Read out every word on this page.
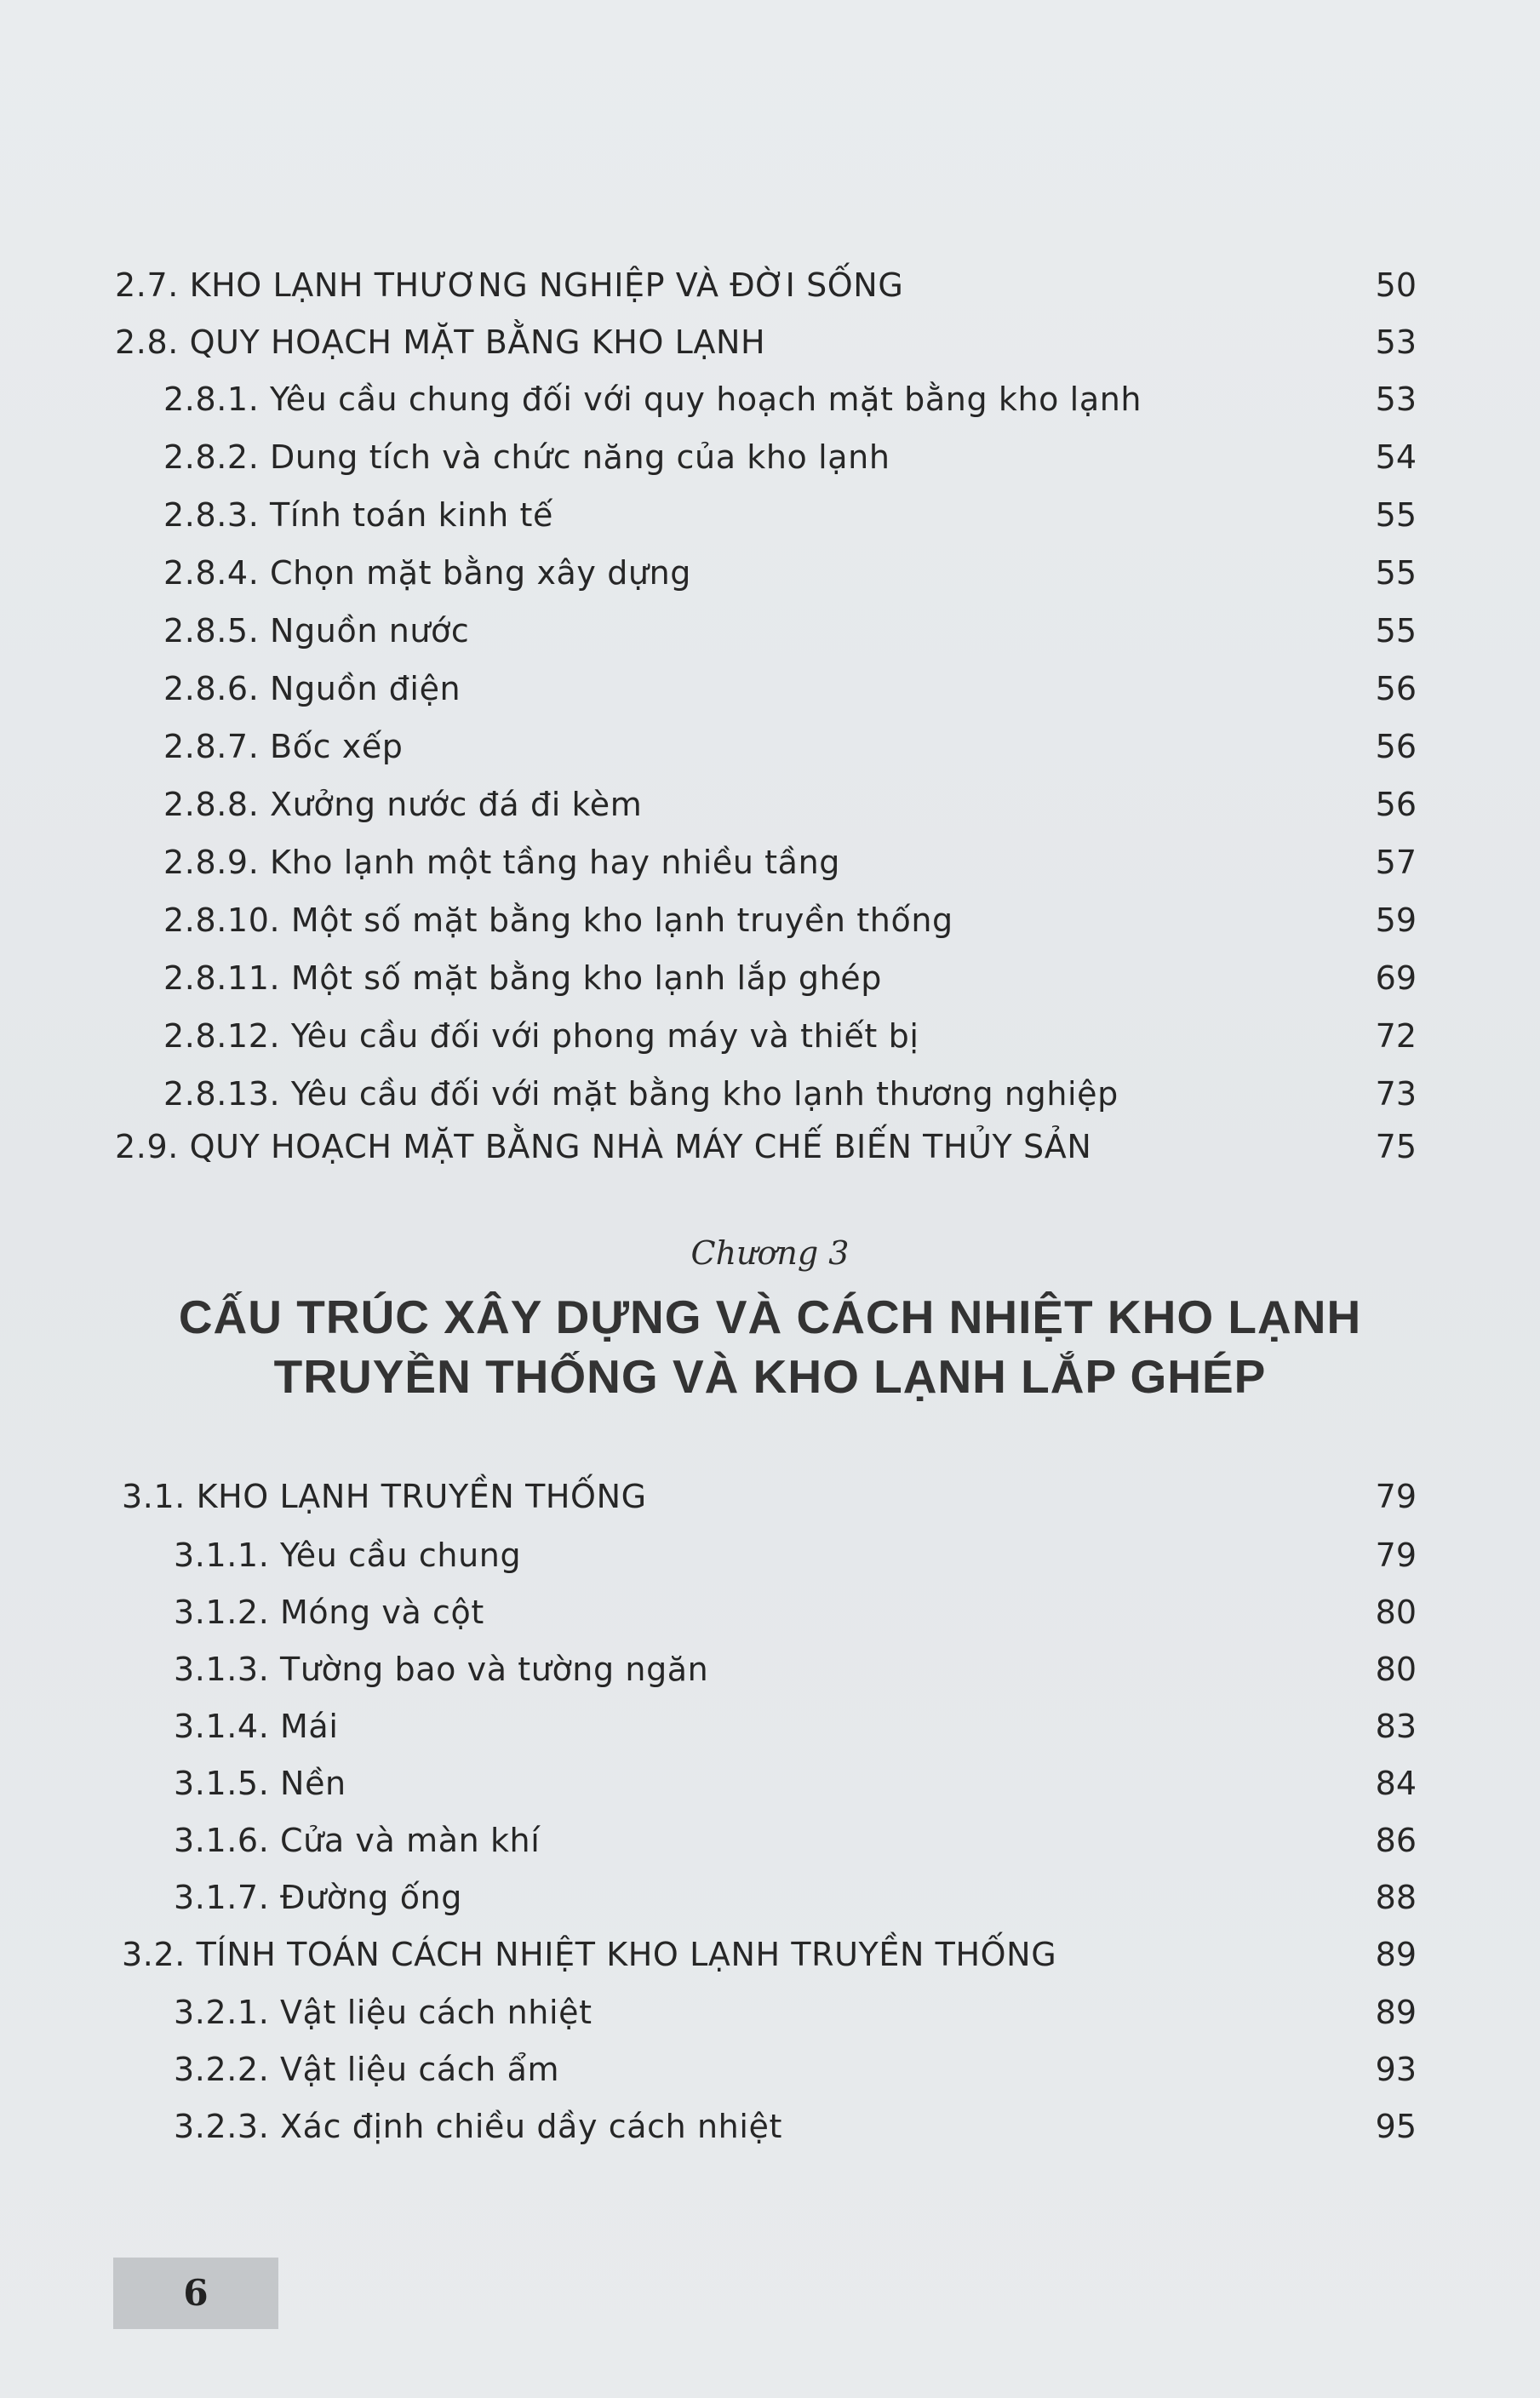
2.7. KHO LẠNH THƯƠNG NGHIỆP VÀ ĐỜI SỐNG	50
2.8. QUY HOẠCH MẶT BẰNG KHO LẠNH	53
2.8.1. Yêu cầu chung đối với quy hoạch mặt bằng kho lạnh	53
2.8.2. Dung tích và chức năng của kho lạnh	54
2.8.3. Tính toán kinh tế	55
2.8.4. Chọn mặt bằng xây dựng	55
2.8.5. Nguồn nước	55
2.8.6. Nguồn điện	56
2.8.7. Bốc xếp	56
2.8.8. Xưởng nước đá đi kèm	56
2.8.9. Kho lạnh một tầng hay nhiều tầng	57
2.8.10. Một số mặt bằng kho lạnh truyền thống	59
2.8.11. Một số mặt bằng kho lạnh lắp ghép	69
2.8.12. Yêu cầu đối với phong máy và thiết bị	72
2.8.13. Yêu cầu đối với mặt bằng kho lạnh thương nghiệp	73
2.9. QUY HOẠCH MẶT BẰNG NHÀ MÁY CHẾ BIẾN THỦY SẢN	75
Chương 3
CẤU TRÚC XÂY DỰNG VÀ CÁCH NHIỆT KHO LẠNH
TRUYỀN THỐNG VÀ KHO LẠNH LẮP GHÉP
3.1. KHO LẠNH TRUYỀN THỐNG	79
3.1.1. Yêu cầu chung	79
3.1.2. Móng và cột	80
3.1.3. Tường bao và tường ngăn	80
3.1.4. Mái	83
3.1.5. Nền	84
3.1.6. Cửa và màn khí	86
3.1.7. Đường ống	88
3.2. TÍNH TOÁN CÁCH NHIỆT KHO LẠNH TRUYỀN THỐNG	89
3.2.1. Vật liệu cách nhiệt	89
3.2.2. Vật liệu cách ẩm	93
3.2.3. Xác định chiều dầy cách nhiệt	95
6
